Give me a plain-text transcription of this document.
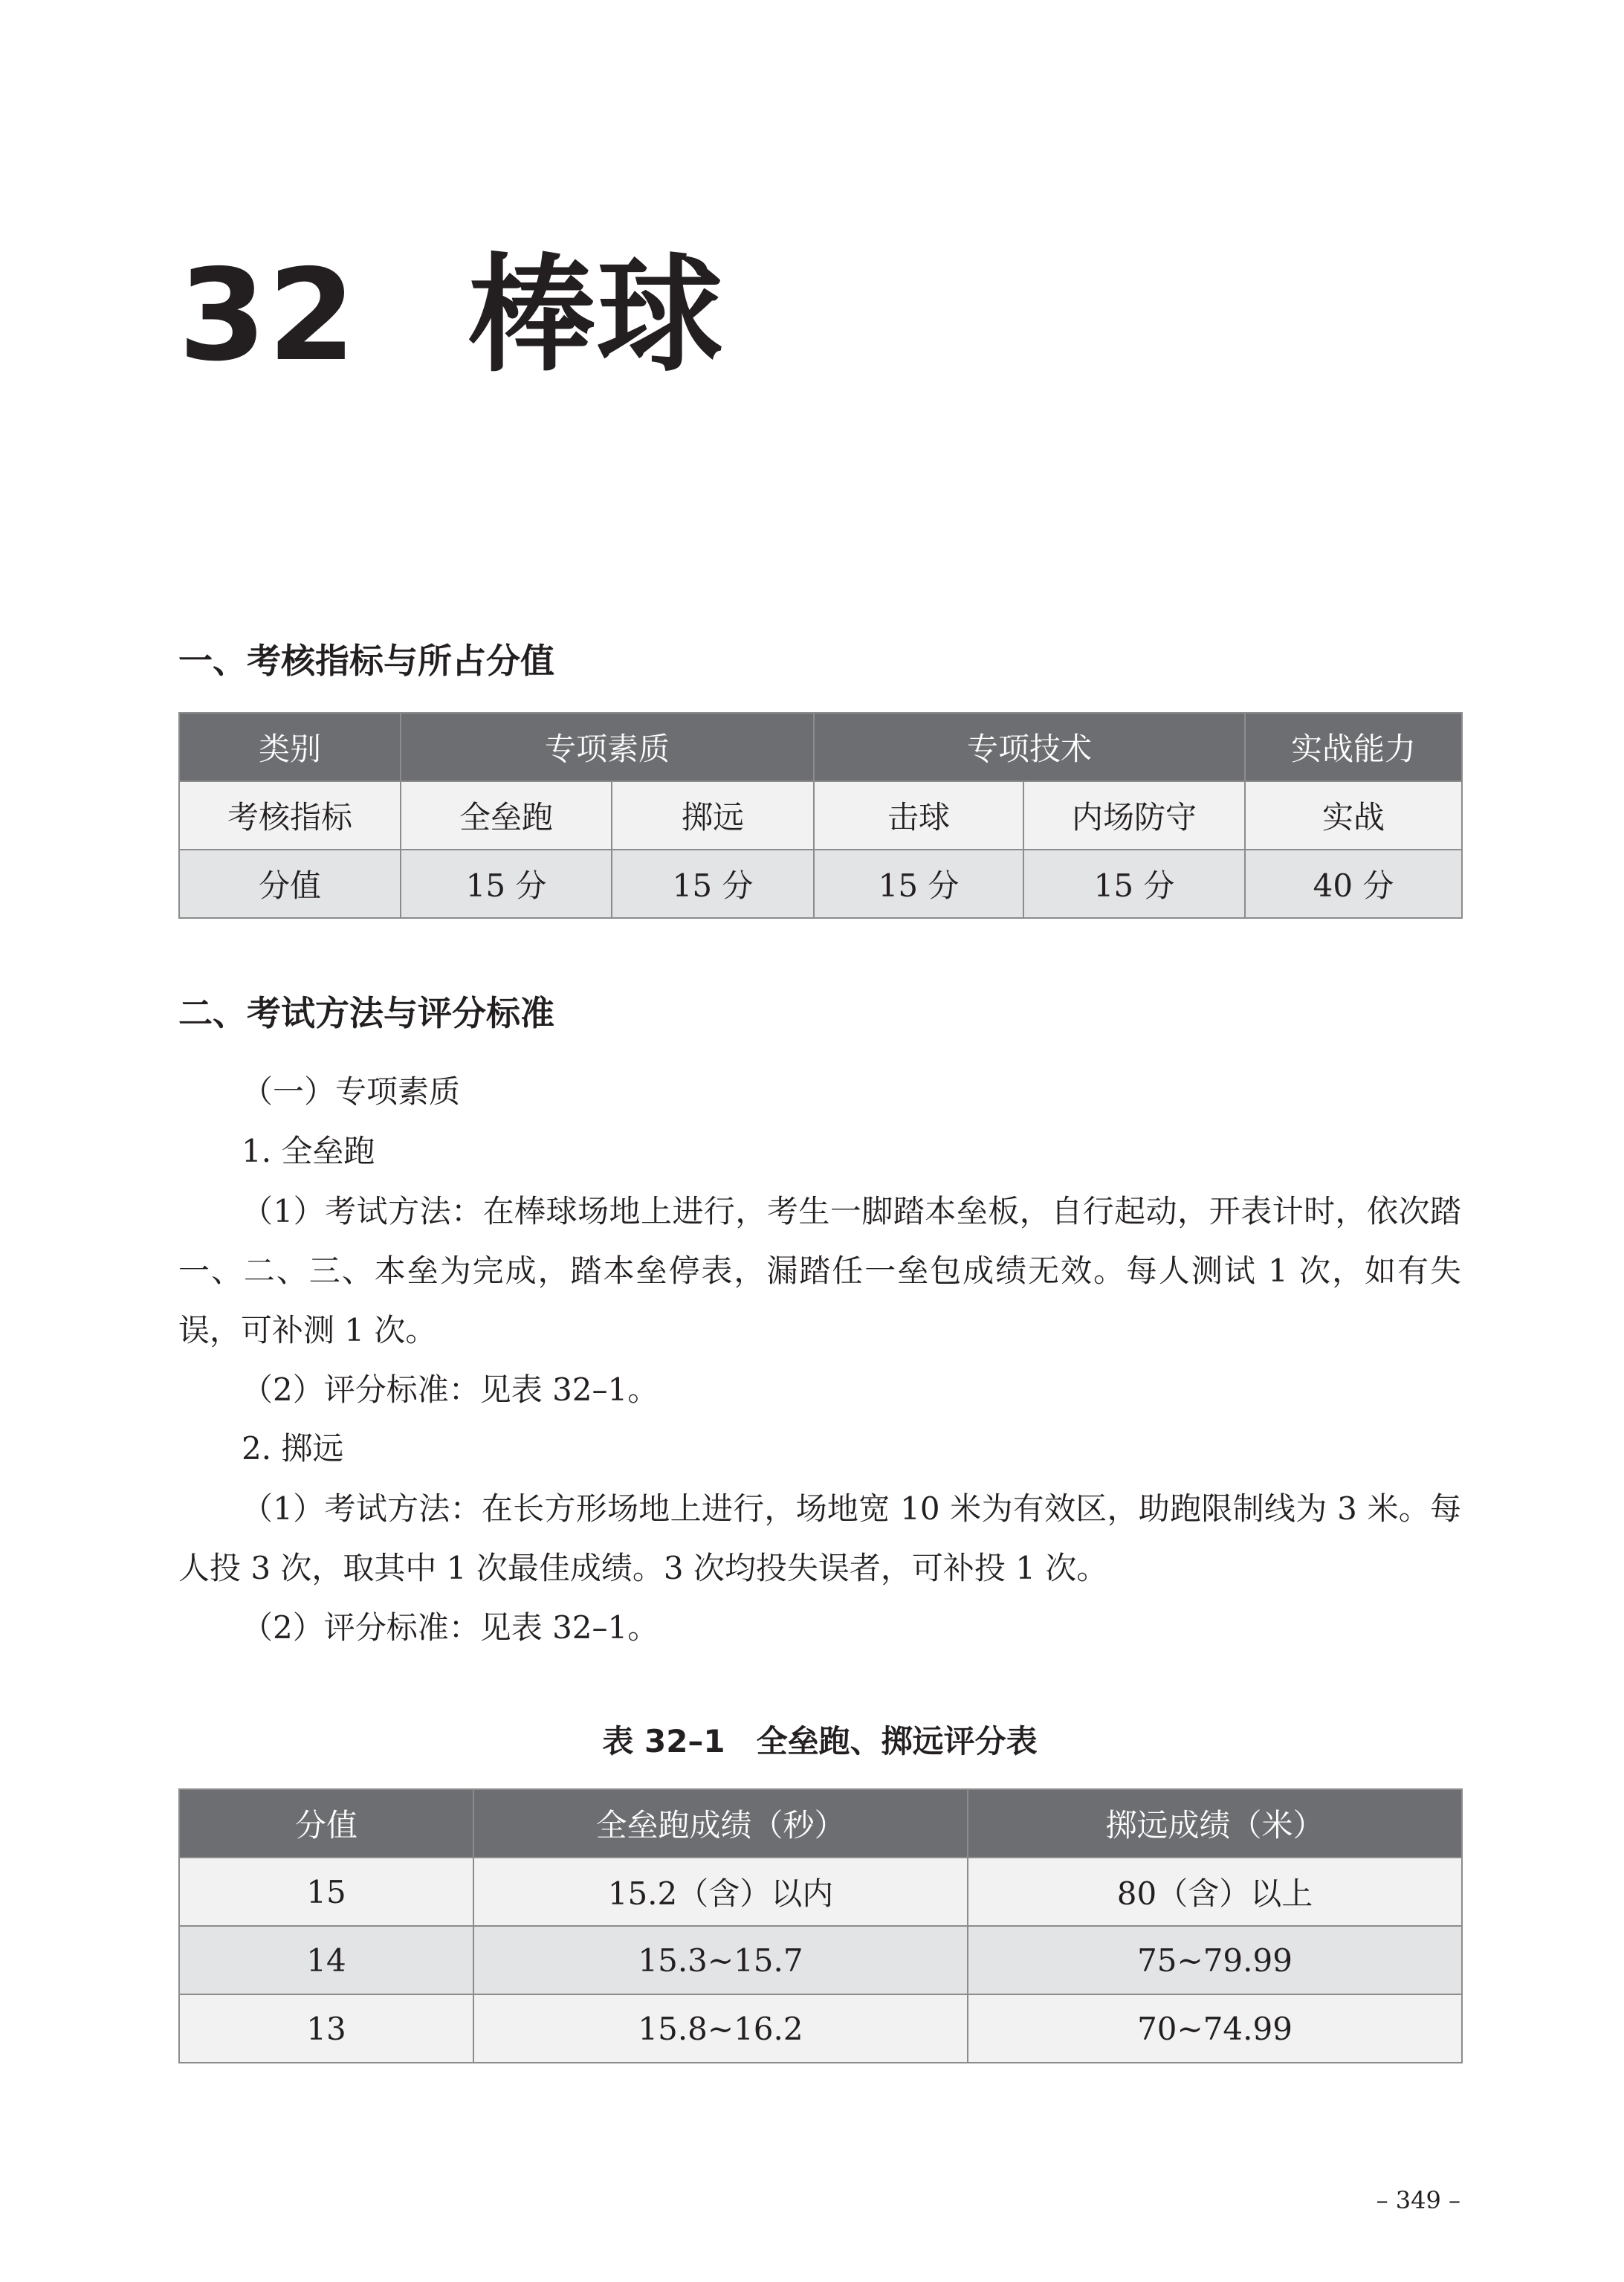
32 棒球
一、考核指标与所占分值
类别	专项素质		专项技术		实战能力
考核指标	全垒跑	掷远	击球	内场防守	实战
分值	15 分	15 分	15 分	15 分	40 分
二、考试方法与评分标准
（一）专项素质
1. 全垒跑

（1）考试方法：在棒球场地上进行，考生一脚踏本垒板，自行起动，开表计时，依次踏一、二、三、本垒为完成，踏本垒停表，漏踏任一垒包成绩无效。每人测试 1 次，如有失误，可补测 1 次。

（2）评分标准：见表 32–1。

2. 掷远

（1）考试方法：在长方形场地上进行，场地宽 10 米为有效区，助跑限制线为 3 米。每人投 3 次，取其中 1 次最佳成绩。3 次均投失误者，可补投 1 次。

（2）评分标准：见表 32–1。

表 32–1　全垒跑、掷远评分表
分值	全垒跑成绩（秒）	掷远成绩（米）
15	15.2（含）以内	80（含）以上
14	15.3~15.7	75~79.99
13	15.8~16.2	70~74.99
– 349 –
